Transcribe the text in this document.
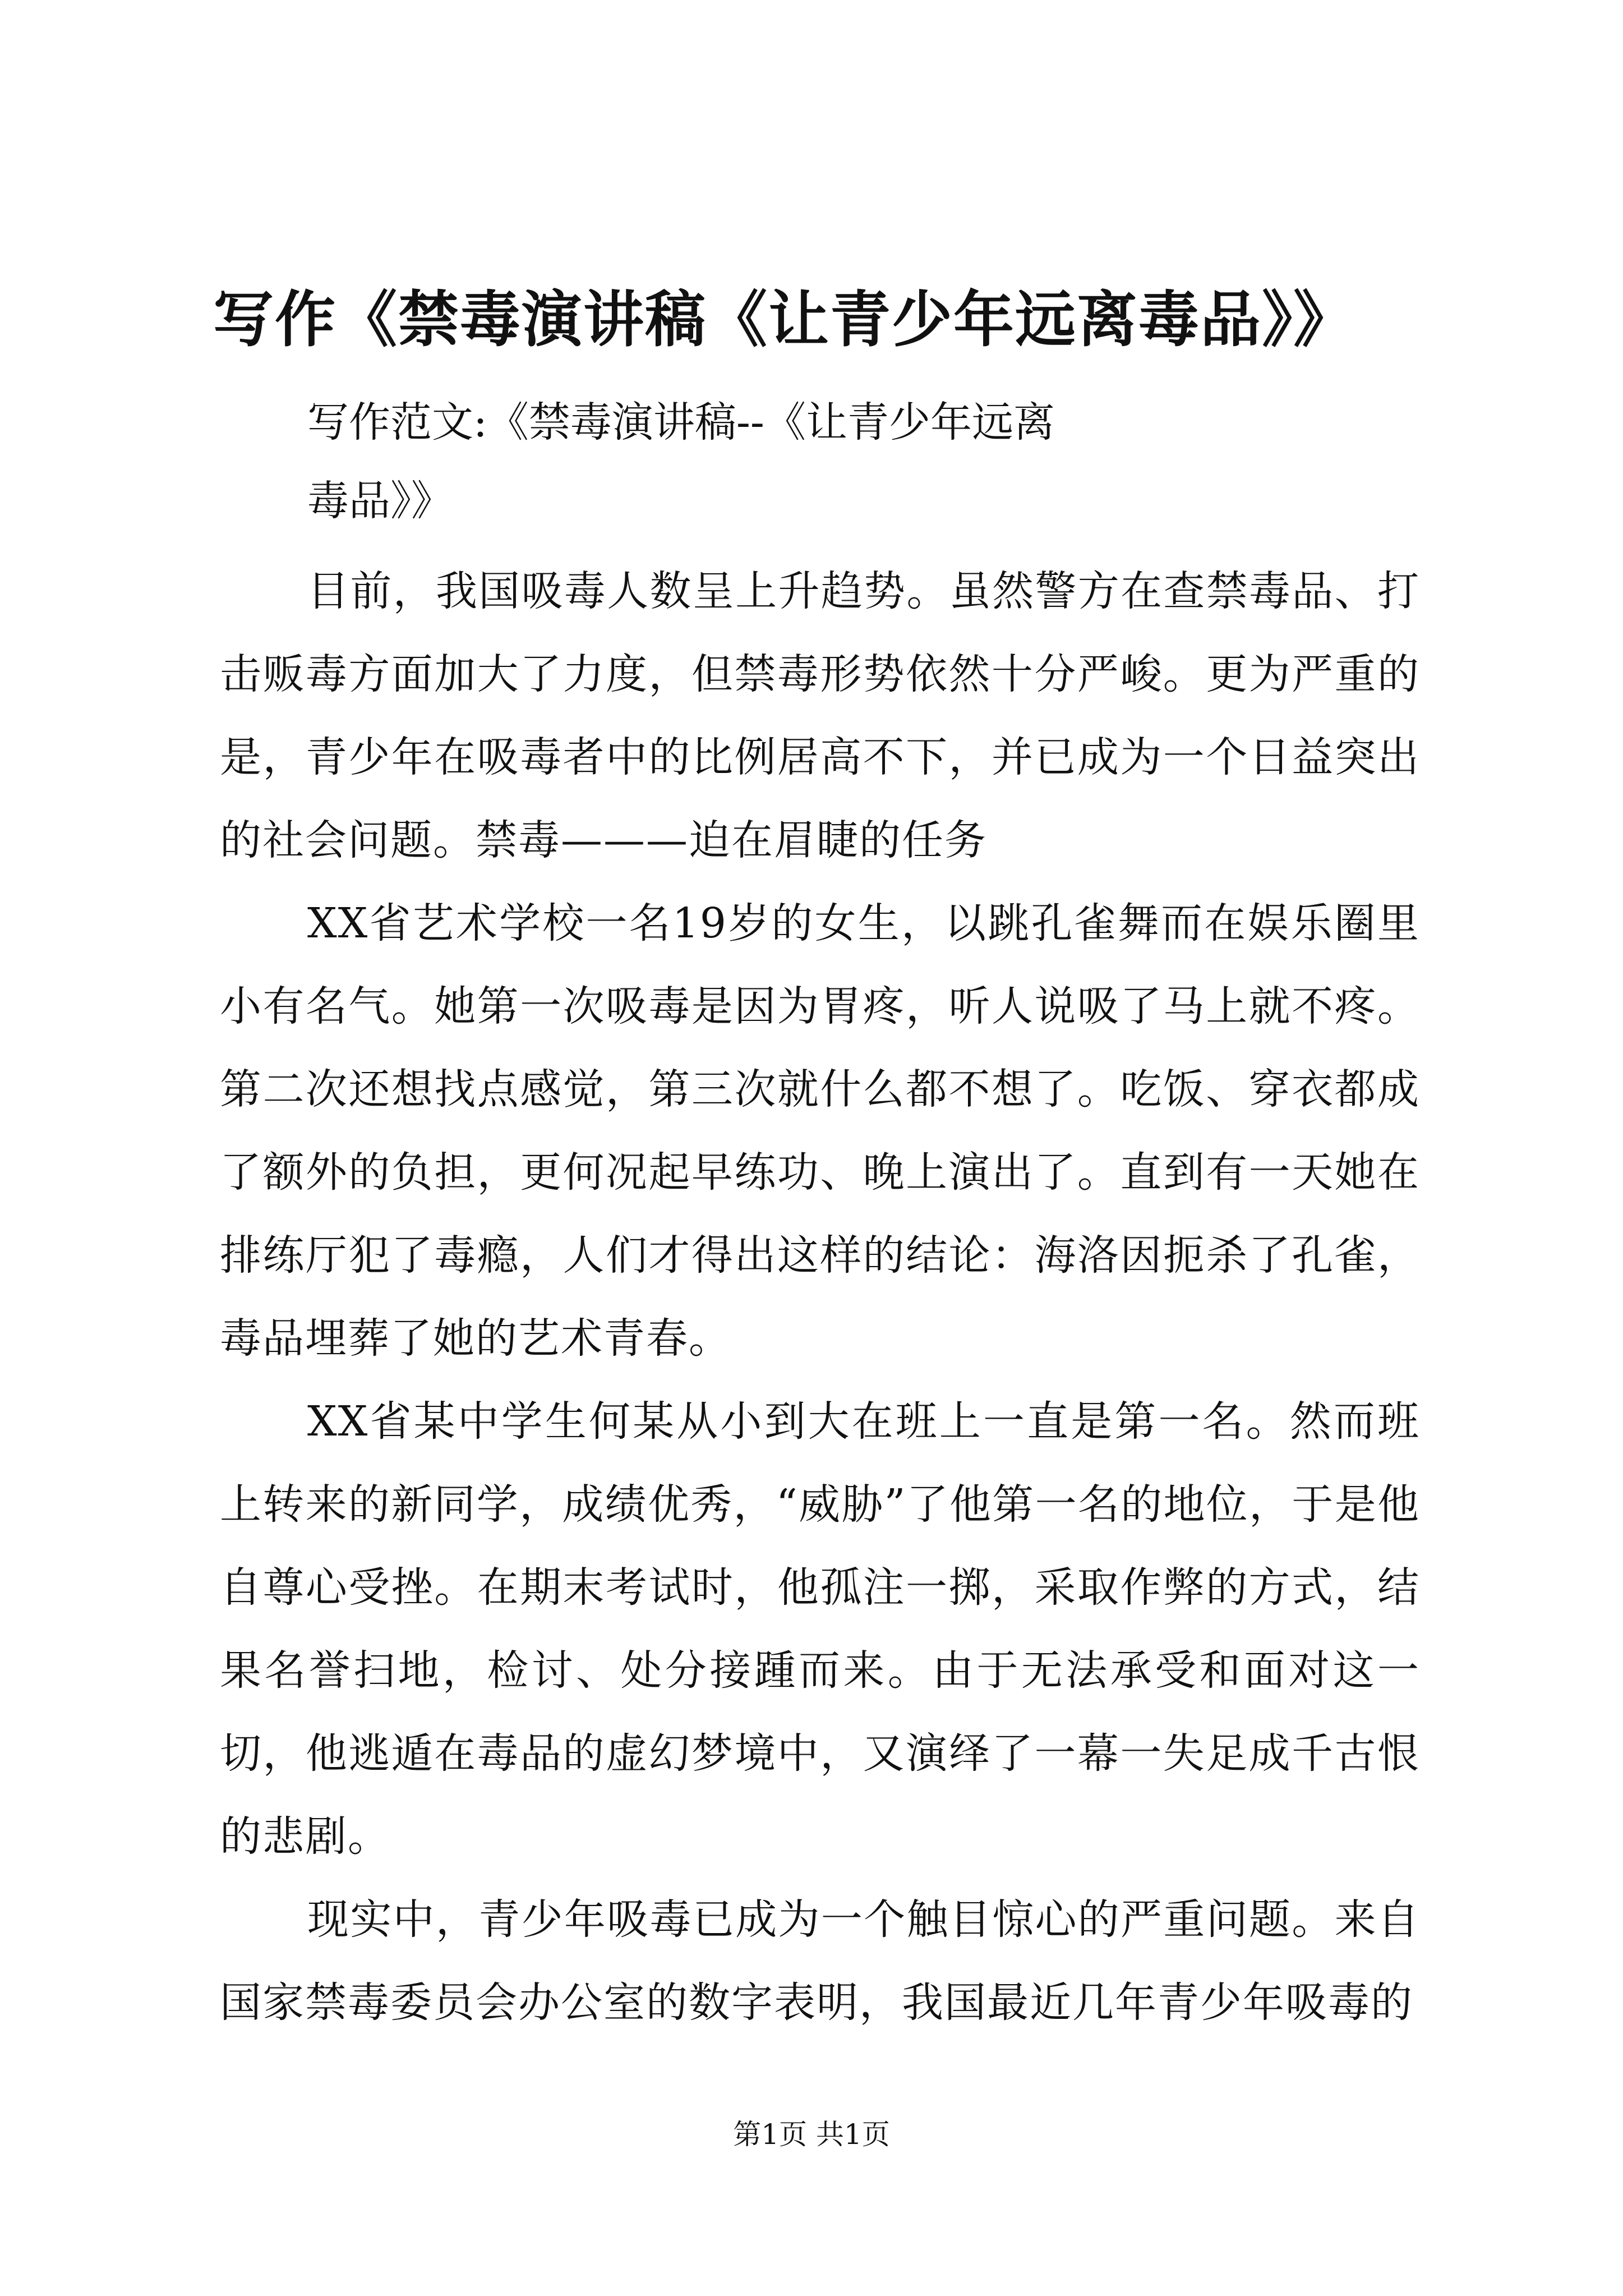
写作《禁毒演讲稿《让青少年远离毒品》》
写作范文:《禁毒演讲稿--《让青少年远离
毒品》》

目前，我国吸毒人数呈上升趋势。虽然警方在查禁毒品、打击贩毒方面加大了力度，但禁毒形势依然十分严峻。更为严重的是，青少年在吸毒者中的比例居高不下，并已成为一个日益突出的社会问题。禁毒———迫在眉睫的任务

XX省艺术学校一名19岁的女生，以跳孔雀舞而在娱乐圈里小有名气。她第一次吸毒是因为胃疼，听人说吸了马上就不疼。第二次还想找点感觉，第三次就什么都不想了。吃饭、穿衣都成了额外的负担，更何况起早练功、晚上演出了。直到有一天她在排练厅犯了毒瘾，人们才得出这样的结论：海洛因扼杀了孔雀，毒品埋葬了她的艺术青春。

XX省某中学生何某从小到大在班上一直是第一名。然而班上转来的新同学，成绩优秀，“威胁”了他第一名的地位，于是他自尊心受挫。在期末考试时，他孤注一掷，采取作弊的方式，结果名誉扫地，检讨、处分接踵而来。由于无法承受和面对这一切，他逃遁在毒品的虚幻梦境中，又演绎了一幕一失足成千古恨的悲剧。

现实中，青少年吸毒已成为一个触目惊心的严重问题。来自国家禁毒委员会办公室的数字表明，我国最近几年青少年吸毒的

第1页 共1页
